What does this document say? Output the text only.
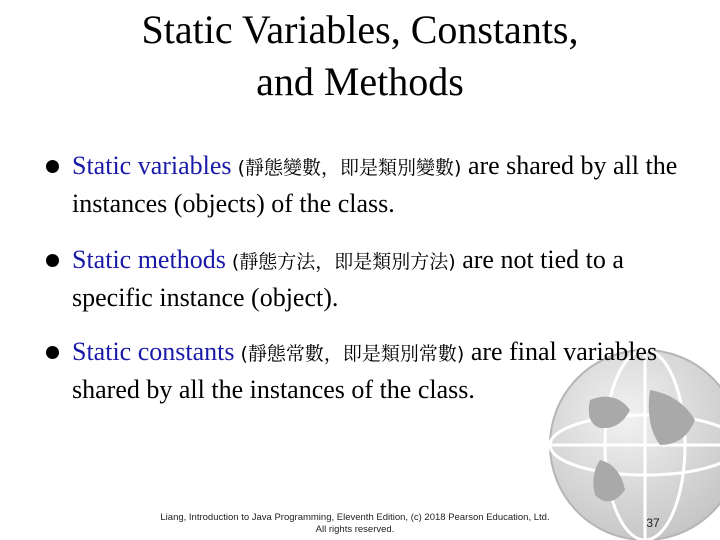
Static Variables, Constants,
and Methods
Static variables (靜態變數，即是類別變數) are shared by all the instances (objects) of the class.
Static methods (靜態方法，即是類別方法) are not tied to a specific instance (object).
Static constants (靜態常數，即是類別常數) are final variables shared by all the instances of the class.
Liang, Introduction to Java Programming, Eleventh Edition, (c) 2018 Pearson Education, Ltd.
All rights reserved.	37
